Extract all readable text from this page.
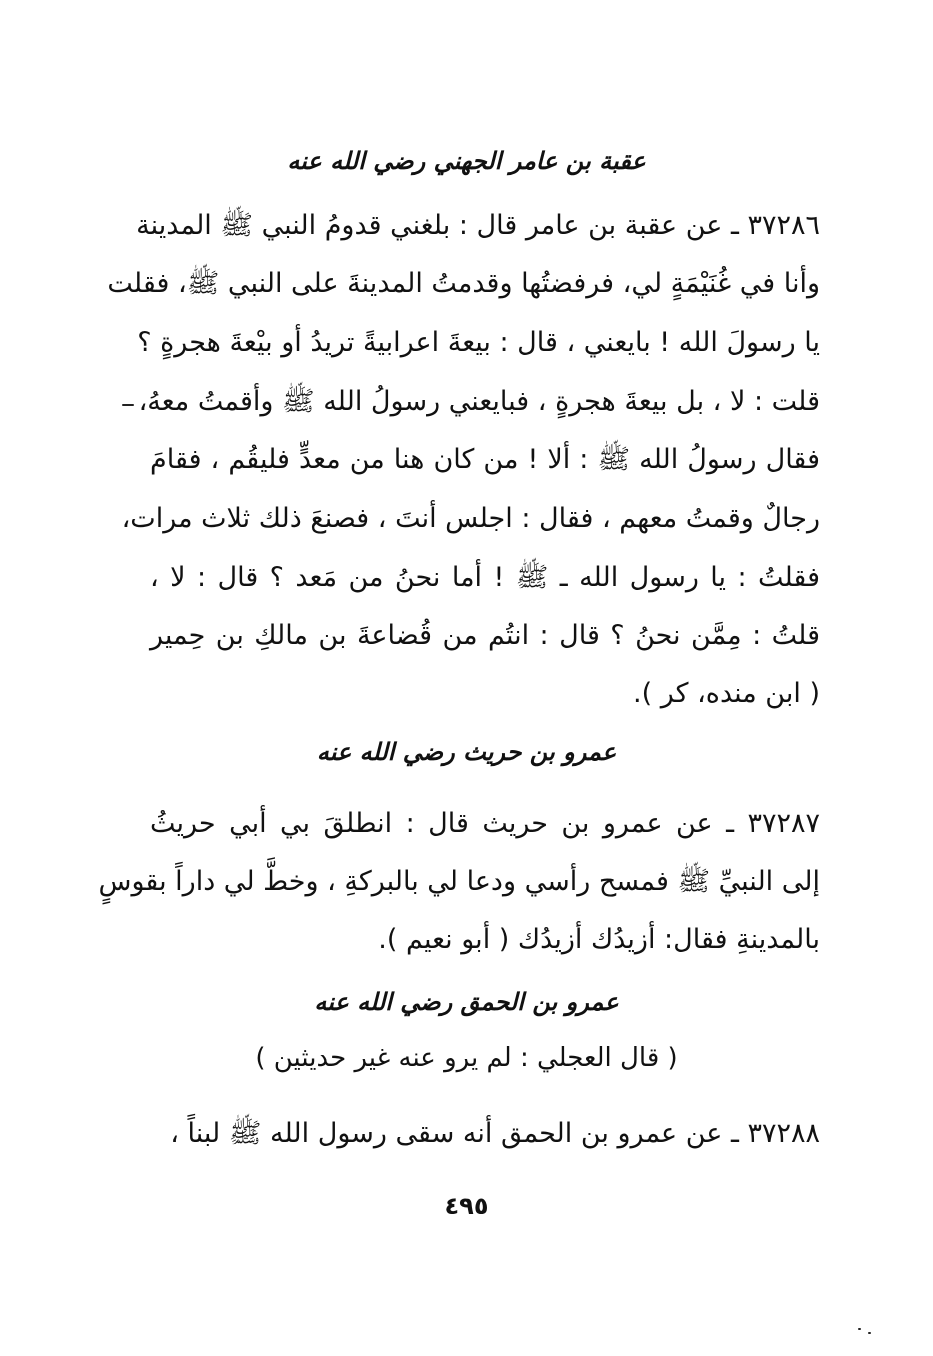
عقبة بن عامر الجهني رضي الله عنه
٣٧٢٨٦ ـ عن عقبة بن عامر قال : بلغني قدومُ النبي ﷺ المدينة
وأنا في غُنَيْمَةٍ لي، فرفضتُها وقدمتُ المدينةَ على النبي ﷺ، فقلت
يا رسولَ الله ! بايعني ، قال : بيعةَ اعرابيةً تريدُ أو بيْعةَ هجرةٍ ؟
قلت : لا ، بل بيعةَ هجرةٍ ، فبايعني رسولُ الله ﷺ وأقمتُ معهُ،
فقال رسولُ الله ﷺ : ألا ! من كان هنا من معدٍّ فليقُم ، فقامَ
رجالٌ وقمتُ معهم ، فقال : اجلس أنتَ ، فصنعَ ذلك ثلاث مرات،
فقلتُ : يا رسول الله ـ ﷺ ! أما نحنُ من مَعد ؟ قال : لا ،
قلتُ : مِمَّن نحنُ ؟ قال : انتُم من قُضاعةَ بن مالكِ بن حِمير
( ابن منده، كر ).
عمرو بن حريث رضي الله عنه
٣٧٢٨٧ ـ عن عمرو بن حريث قال : انطلقَ بي أبي حريثُ
إلى النبيِّ ﷺ فمسح رأسي ودعا لي بالبركةِ ، وخطَّ لي داراً بقوسٍ
بالمدينةِ فقال: أزيدُك أزيدُك ( أبو نعيم ).
عمرو بن الحمق رضي الله عنه
( قال العجلي : لم يرو عنه غير حديثين )
٣٧٢٨٨ ـ عن عمرو بن الحمق أنه سقى رسول الله ﷺ لبناً ،
٤٩٥
